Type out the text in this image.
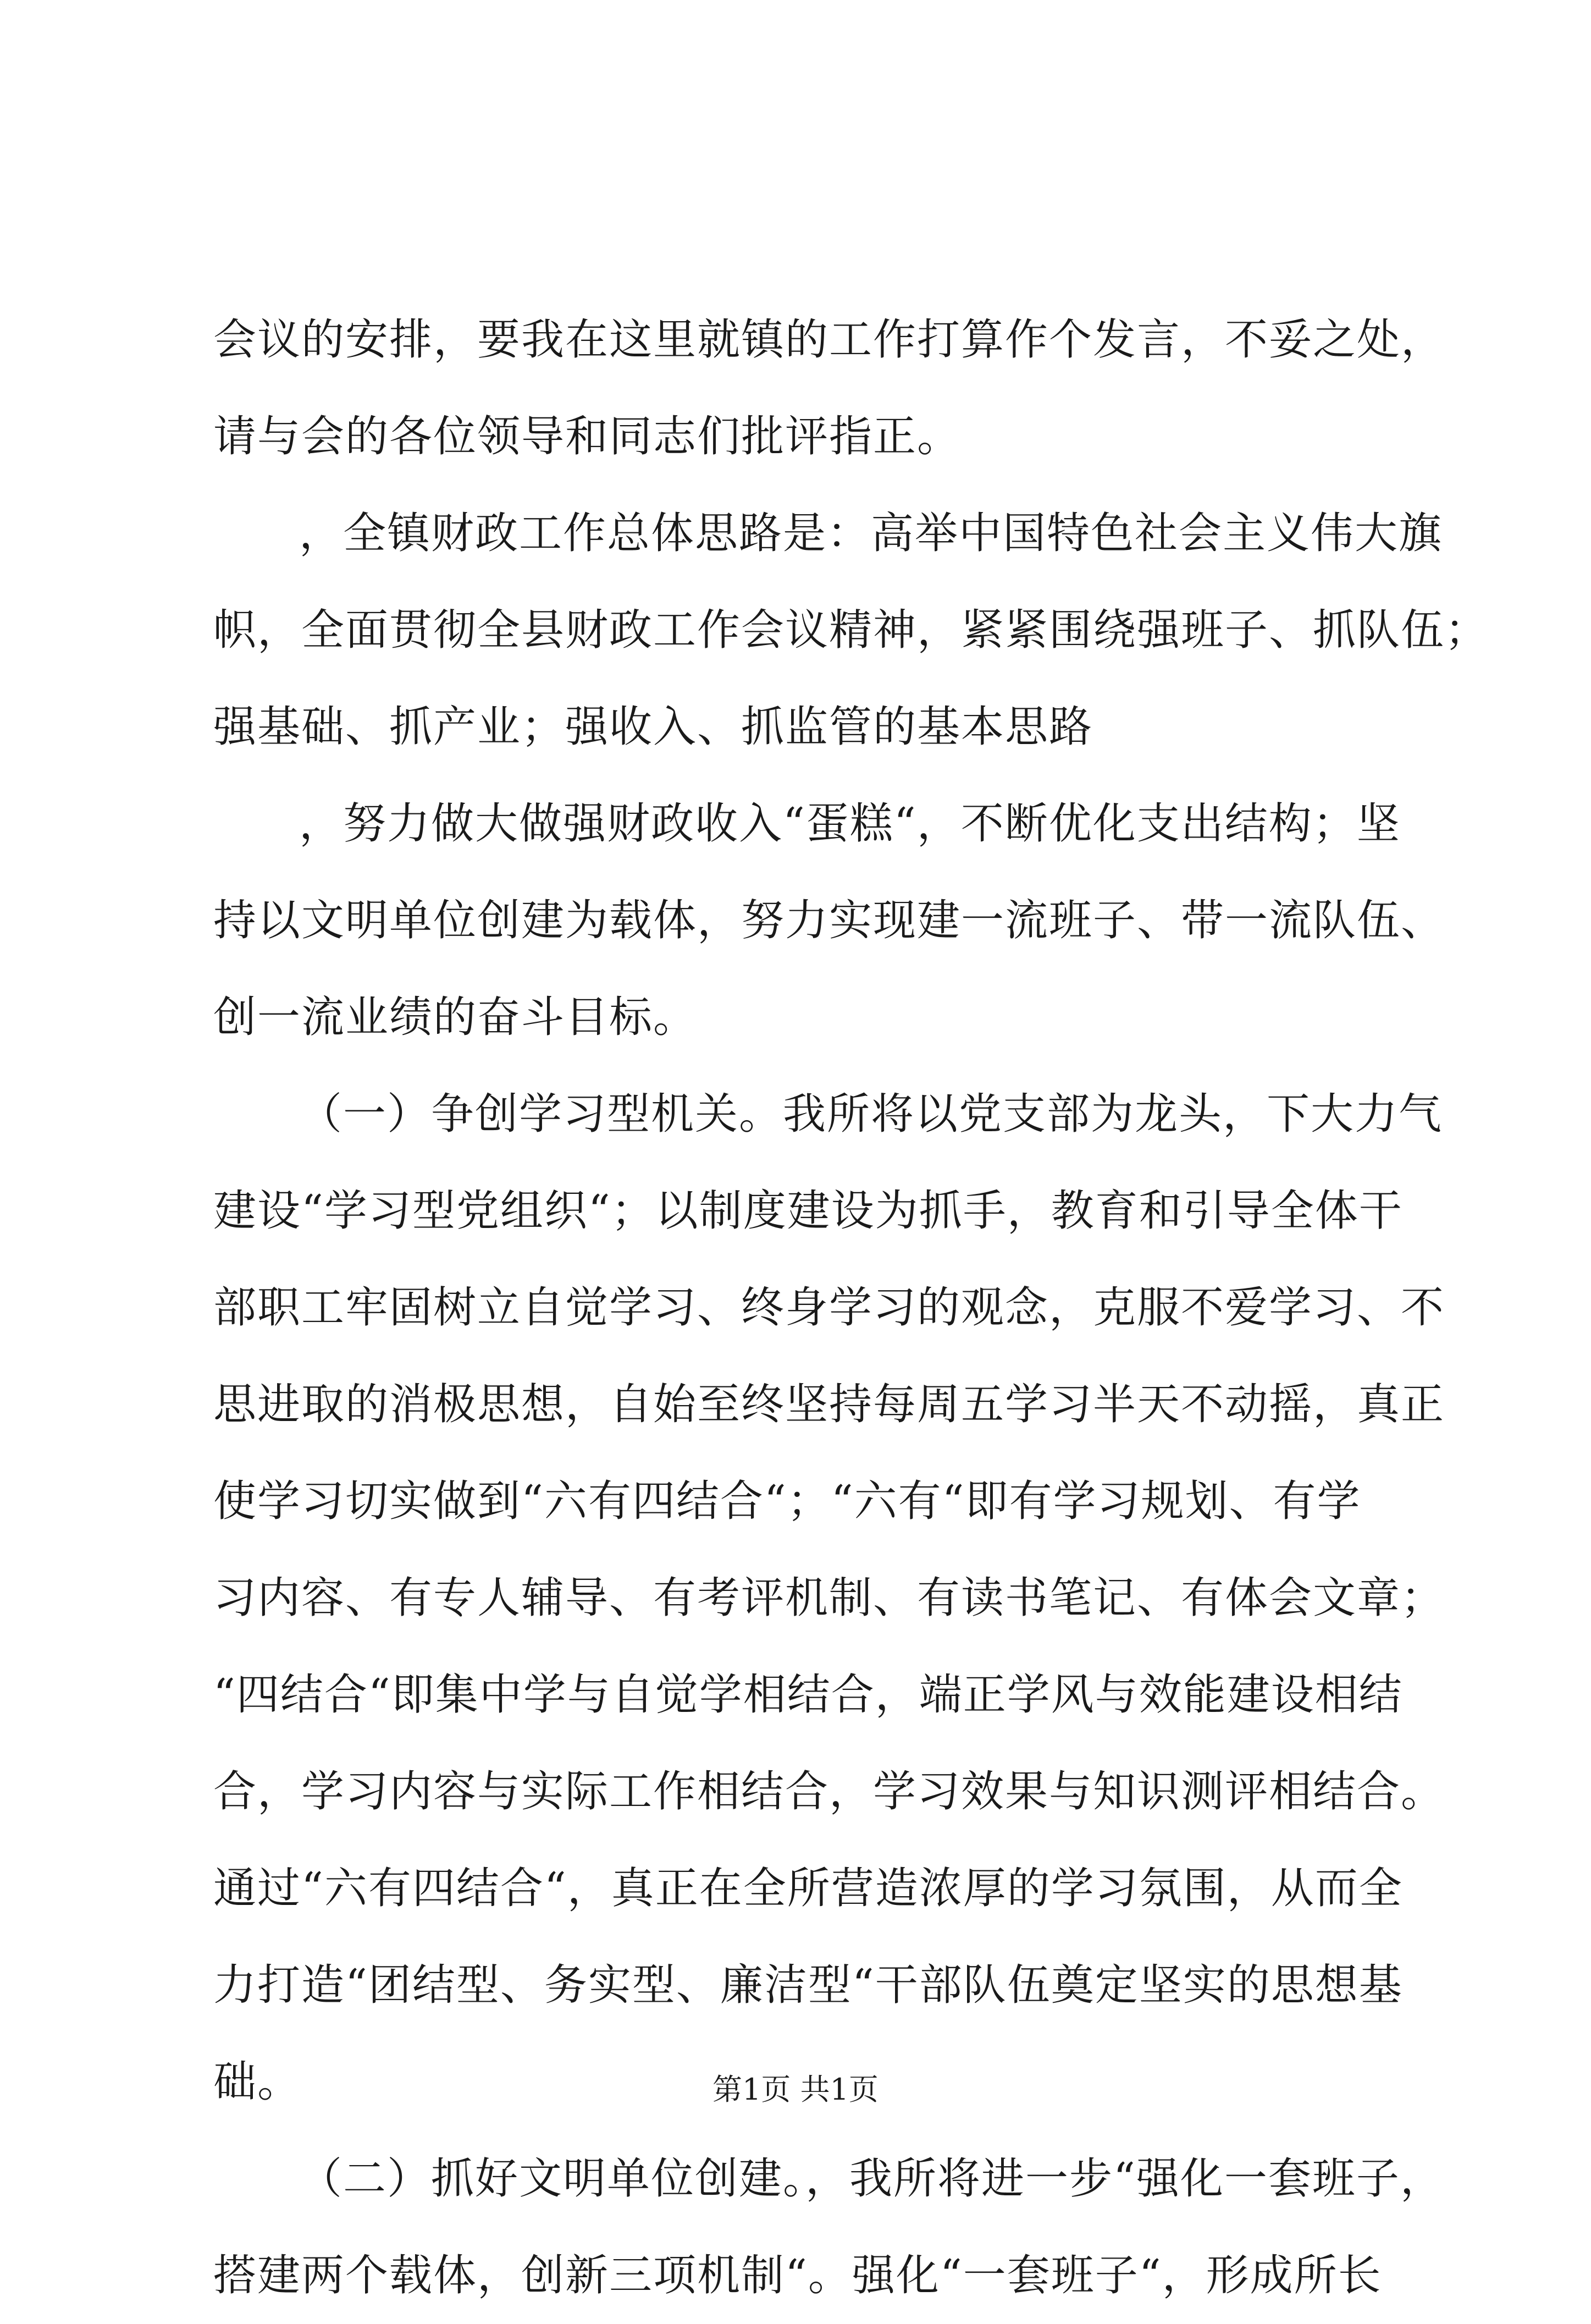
会议的安排，要我在这里就镇的工作打算作个发言，不妥之处，
请与会的各位领导和同志们批评指正。
，全镇财政工作总体思路是：高举中国特色社会主义伟大旗
帜，全面贯彻全县财政工作会议精神，紧紧围绕强班子、抓队伍；
强基础、抓产业；强收入、抓监管的基本思路
，努力做大做强财政收入“蛋糕“，不断优化支出结构；坚
持以文明单位创建为载体，努力实现建一流班子、带一流队伍、
创一流业绩的奋斗目标。
（一）争创学习型机关。我所将以党支部为龙头，下大力气
建设“学习型党组织“；以制度建设为抓手，教育和引导全体干
部职工牢固树立自觉学习、终身学习的观念，克服不爱学习、不
思进取的消极思想，自始至终坚持每周五学习半天不动摇，真正
使学习切实做到“六有四结合“；“六有“即有学习规划、有学
习内容、有专人辅导、有考评机制、有读书笔记、有体会文章；
“四结合“即集中学与自觉学相结合，端正学风与效能建设相结
合，学习内容与实际工作相结合，学习效果与知识测评相结合。
通过“六有四结合“，真正在全所营造浓厚的学习氛围，从而全
力打造“团结型、务实型、廉洁型“干部队伍奠定坚实的思想基
础。
（二）抓好文明单位创建。，我所将进一步“强化一套班子，
搭建两个载体，创新三项机制“。强化“一套班子“，形成所长
第1页 共1页
